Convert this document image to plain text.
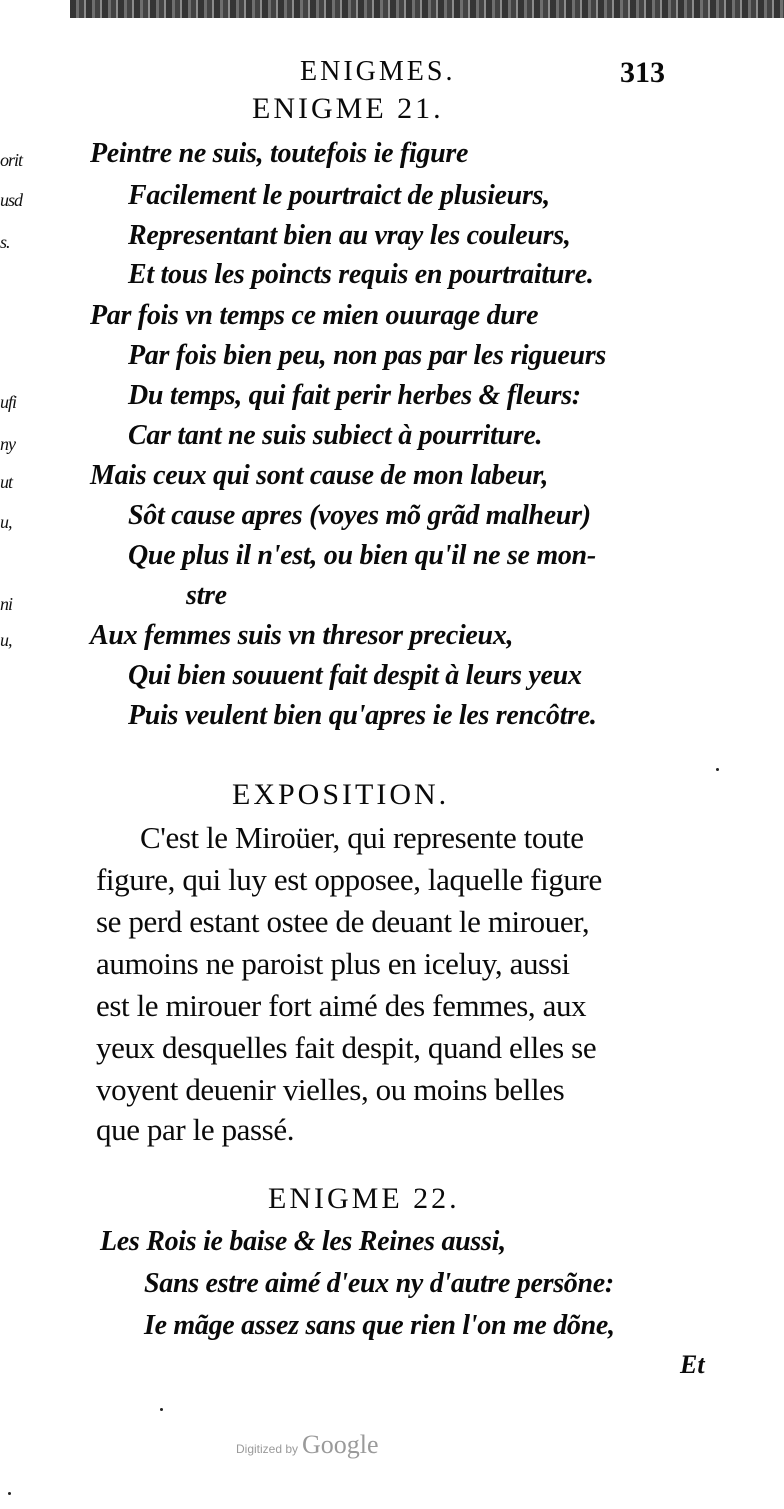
orit
usd
s.
ufi
ny
ut
u,
ni
u,
ENIGMES.	313
ENIGME 21.
Peintre ne suis, toutefois ie figure
Facilement le pourtraict de plusieurs,
Representant bien au vray les couleurs,
Et tous les poincts requis en pourtraiture.
Par fois vn temps ce mien ouurage dure
Par fois bien peu, non pas par les rigueurs
Du temps, qui fait perir herbes & fleurs:
Car tant ne suis subiect à pourriture.
Mais ceux qui sont cause de mon labeur,
Sôt cause apres (voyes mõ grãd malheur)
Que plus il n'est, ou bien qu'il ne se mon-
stre
Aux femmes suis vn thresor precieux,
Qui bien souuent fait despit à leurs yeux
Puis veulent bien qu'apres ie les rencôtre.
EXPOSITION.
C'est le Miroüer, qui represente toute
figure, qui luy est opposee, laquelle figure
se perd estant ostee de deuant le mirouer,
aumoins ne paroist plus en iceluy, aussi
est le mirouer fort aimé des femmes, aux
yeux desquelles fait despit, quand elles se
voyent deuenir vielles, ou moins belles
que par le passé.
ENIGME 22.
Les Rois ie baise & les Reines aussi,
Sans estre aimé d'eux ny d'autre persõne:
Ie mãge assez sans que rien l'on me dõne,
Et
Digitized by Google
